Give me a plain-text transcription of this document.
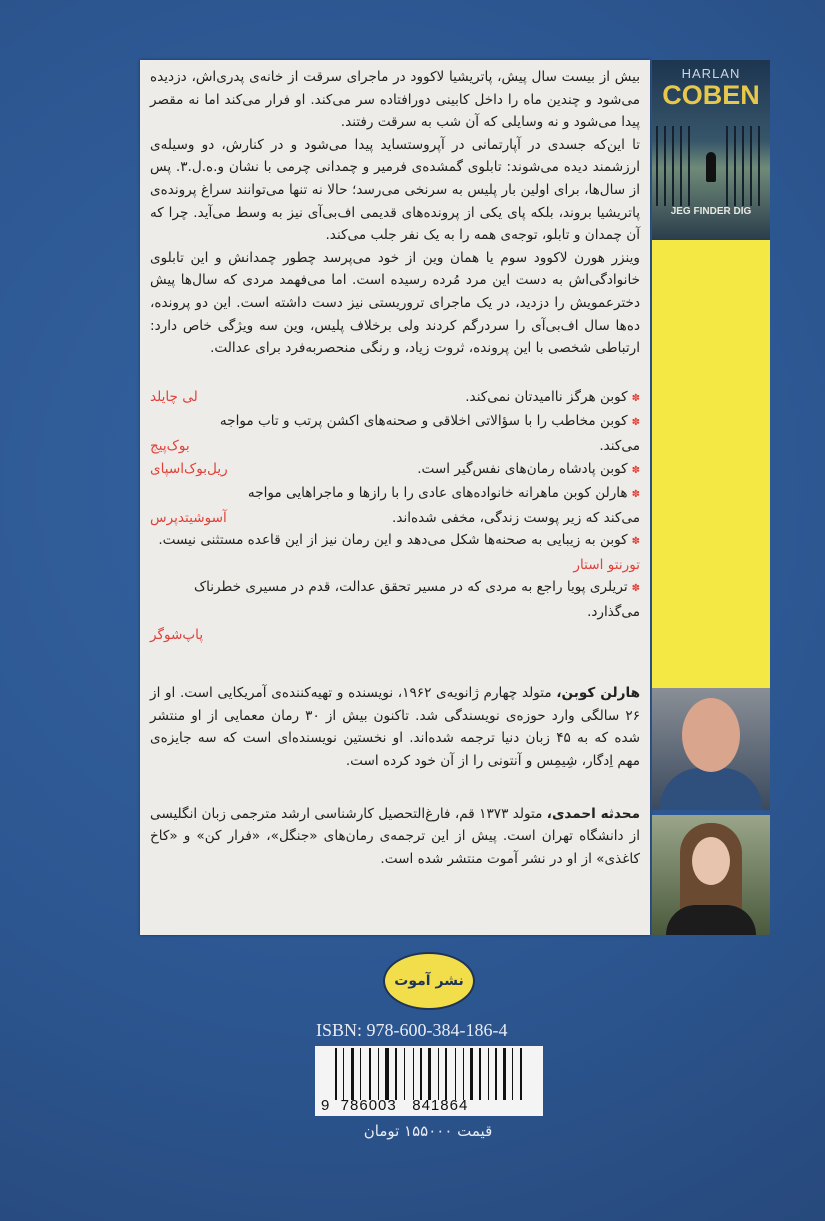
بیش از بیست سال پیش، پاتریشیا لاکوود در ماجرای سرقت از خانه‌ی پدری‌اش، دزدیده می‌شود و چندین ماه را داخل کابینی دورافتاده سر می‌کند. او فرار می‌کند اما نه مقصر پیدا می‌شود و نه وسایلی که آن شب به سرقت رفتند.
تا این‌که جسدی در آپارتمانی در آپروستساید پیدا می‌شود و در کنارش، دو وسیله‌ی ارزشمند دیده می‌شوند: تابلوی گمشده‌ی فرمیر و چمدانی چرمی با نشان و.ه.ل.۳. پس از سال‌ها، برای اولین بار پلیس به سرنخی می‌رسد؛ حالا نه تنها می‌توانند سراغ پرونده‌ی پاتریشیا بروند، بلکه پای یکی از پرونده‌های قدیمی اف‌بی‌آی نیز به وسط می‌آید. چرا که آن چمدان و تابلو، توجه‌ی همه را به یک نفر جلب می‌کند.
وینزر هورن لاکوود سوم یا همان وین از خود می‌پرسد چطور چمدانش و این تابلوی خانوادگی‌اش به دست این مرد مُرده رسیده است. اما می‌فهمد مردی که سال‌ها پیش دخترعمویش را دزدید، در یک ماجرای تروریستی نیز دست داشته است. این دو پرونده، ده‌ها سال اف‌بی‌آی را سردرگم کردند ولی برخلاف پلیس، وین سه ویژگی خاص دارد: ارتباطی شخصی با این پرونده، ثروت زیاد، و رنگی منحصربه‌فرد برای عدالت.
✽کوبن هرگز ناامیدتان نمی‌کند.
لی چایلد
✽کوبن مخاطب را با سؤالاتی اخلاقی و صحنه‌های اکشن پرتب و تاب مواجه می‌کند.
بوک‌پیج
✽کوبن پادشاه رمان‌های نفس‌گیر است.
ریل‌بوک‌اسپای
✽هارلن کوبن ماهرانه خانواده‌های عادی را با رازها و ماجراهایی مواجه می‌کند که زیر پوست زندگی، مخفی شده‌اند.
آسوشیتدپرس
✽کوبن به زیبایی به صحنه‌ها شکل می‌دهد و این رمان نیز از این قاعده مستثنی نیست. تورنتو استار
✽تریلری پویا راجع به مردی که در مسیر تحقق عدالت، قدم در مسیری خطرناک می‌گذارد.
پاپ‌شوگر
هارلن کوبن، متولد چهارم ژانویه‌ی ۱۹۶۲، نویسنده و تهیه‌کننده‌ی آمریکایی است. او از ۲۶ سالگی وارد حوزه‌ی نویسندگی شد. تاکنون بیش از ۳۰ رمان معمایی از او منتشر شده که به ۴۵ زبان دنیا ترجمه شده‌اند. او نخستین نویسنده‌ای است که سه جایزه‌ی مهم اِدگار، شِیمِس و آنتونی را از آن خود کرده است.
محدثه احمدی، متولد ۱۳۷۳ قم، فارغ‌التحصیل کارشناسی ارشد مترجمی زبان انگلیسی از دانشگاه تهران است. پیش از این ترجمه‌ی رمان‌های «جنگل»، «فرار کن» و «کاخ کاغذی» از او در نشر آموت منتشر شده است.
HARLAN
COBEN
JEG FINDER DIG
نشر آموت
ISBN: 978-600-384-186-4
9  786003   841864
قیمت ۱۵۵۰۰۰ تومان
